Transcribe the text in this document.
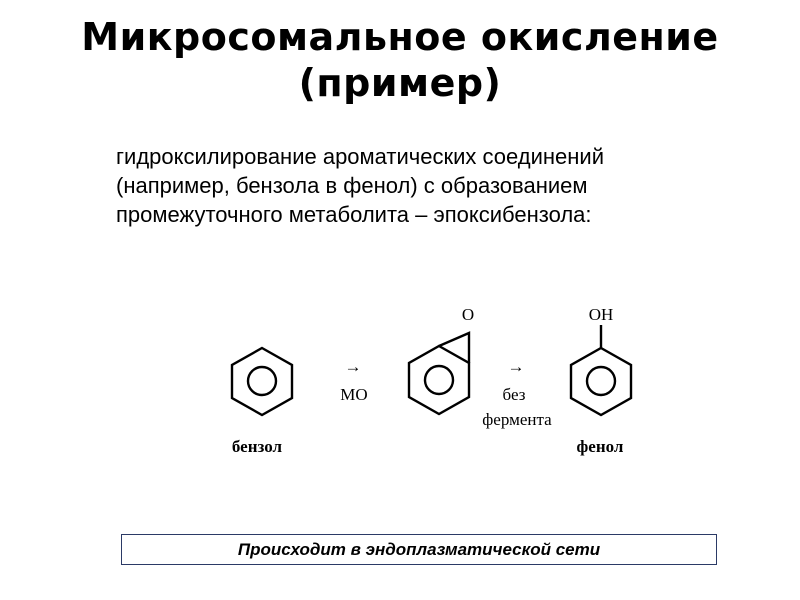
Микросомальное окисление
(пример)
гидроксилирование ароматических соединений
(например, бензола в фенол) с образованием
промежуточного метаболита – эпоксибензола:
→
МО
O
→
без
фермента
OH
бензол	фенол
Происходит в эндоплазматической сети
